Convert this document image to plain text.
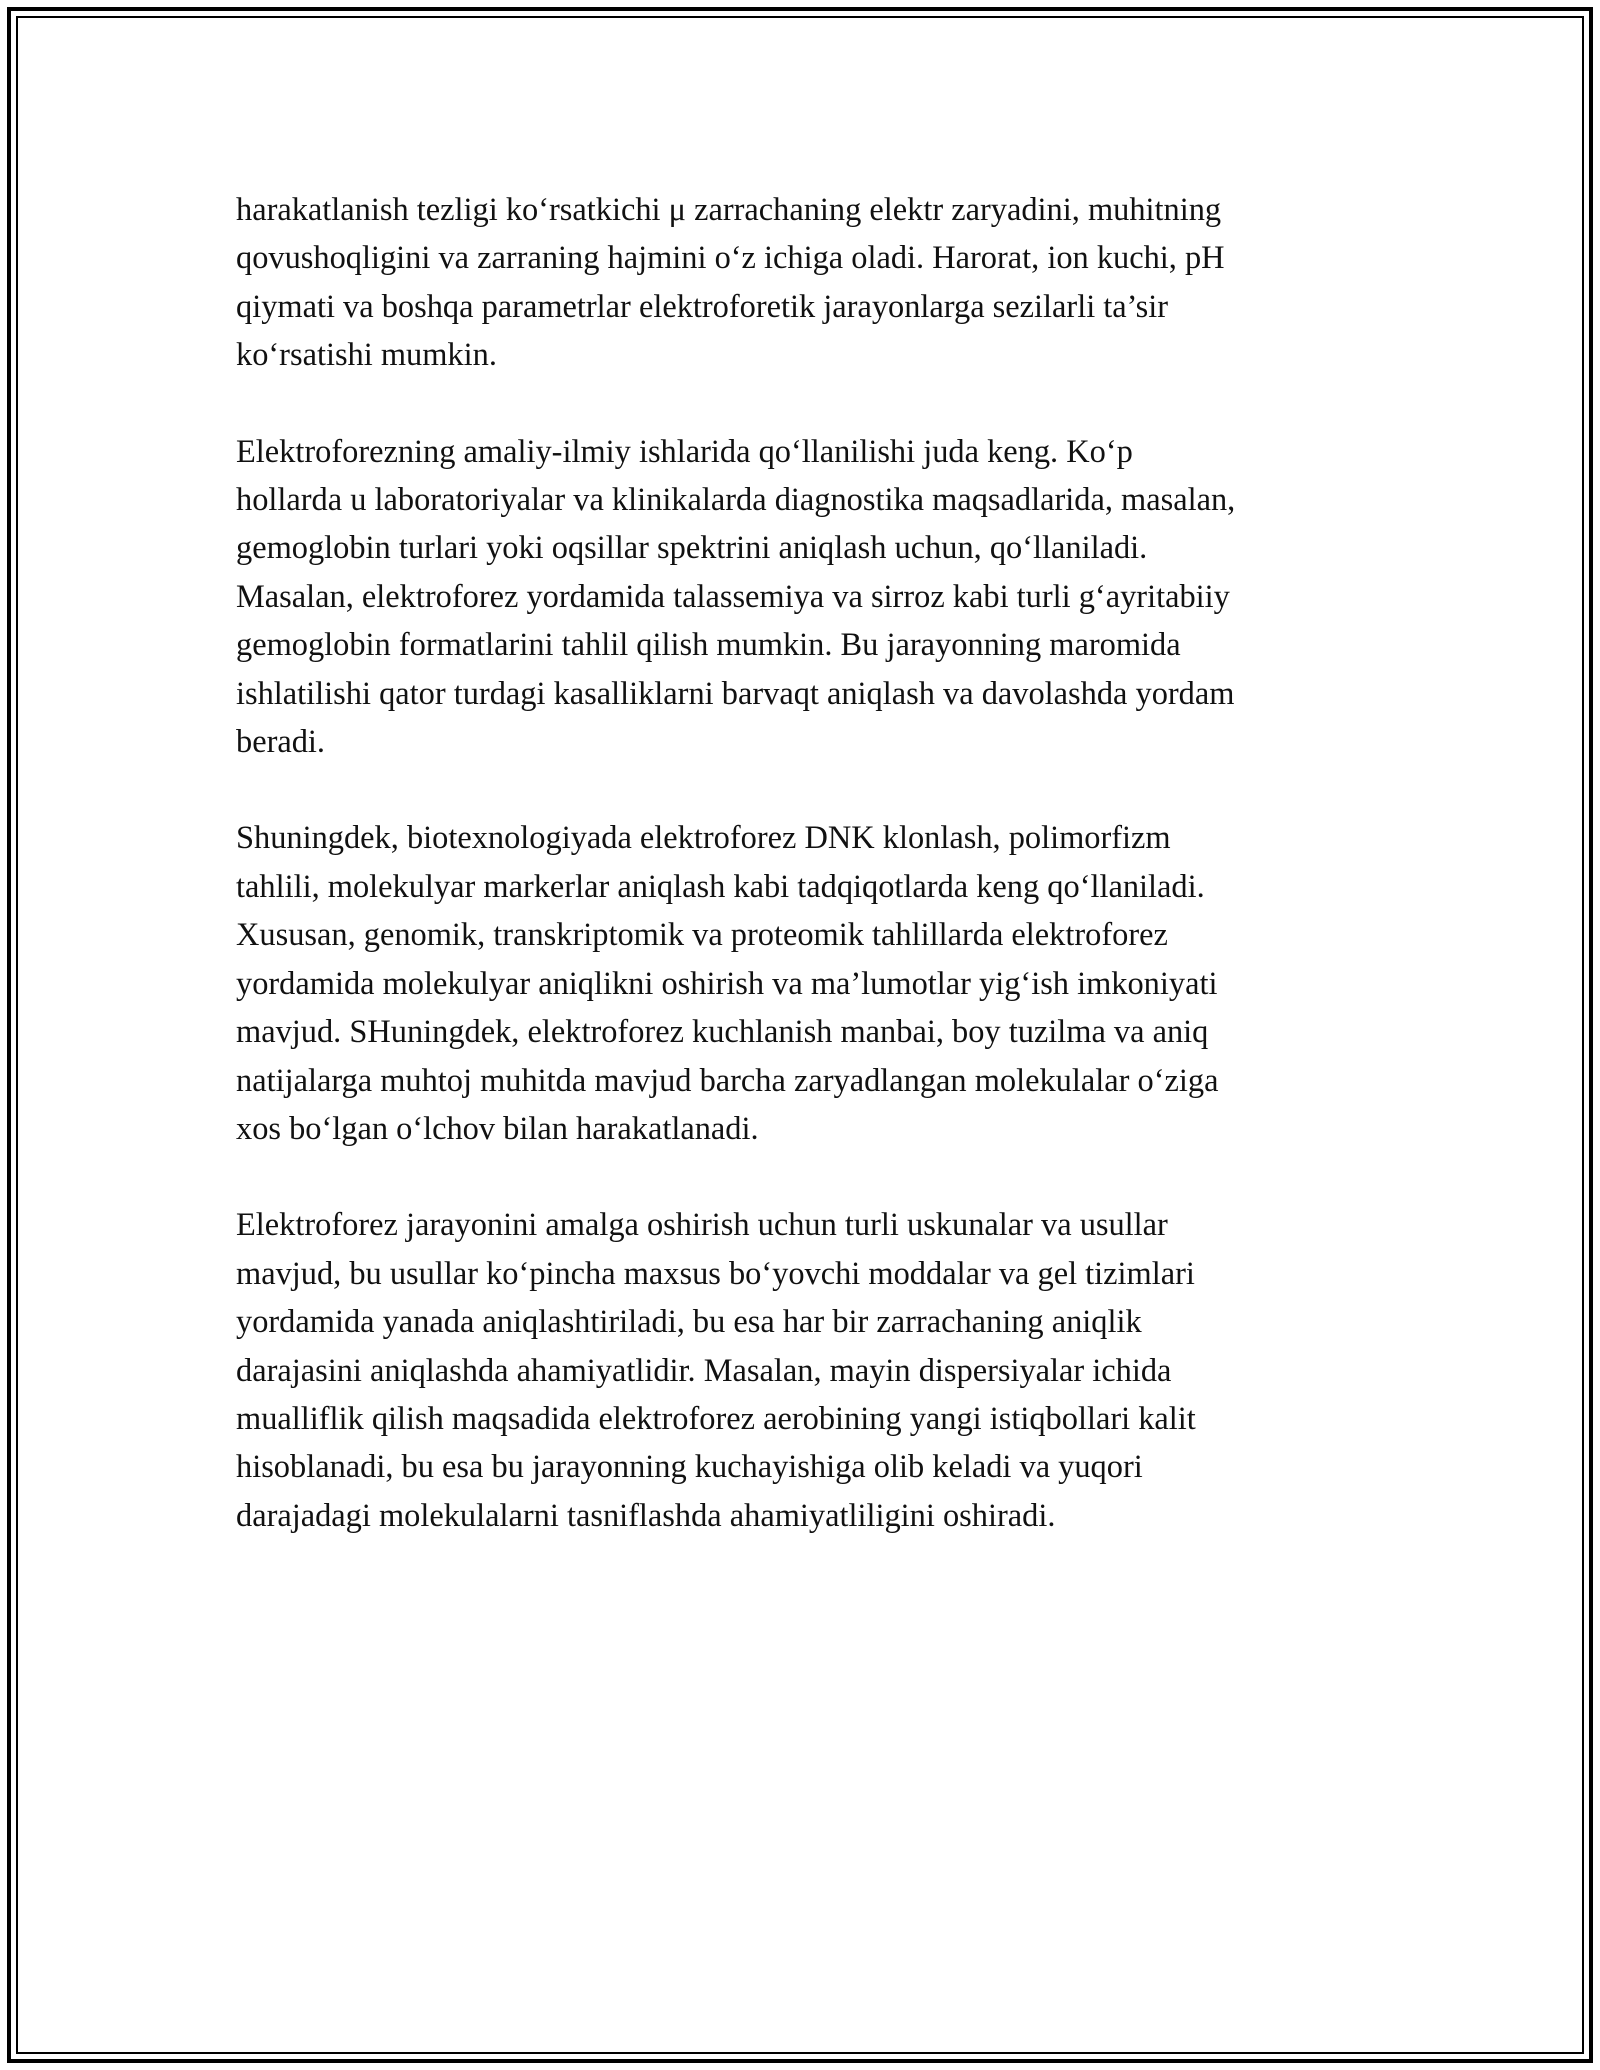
harakatlanish tezligi ko‘rsatkichi μ zarrachaning elektr zaryadini, muhitning
qovushoqligini va zarraning hajmini o‘z ichiga oladi. Harorat, ion kuchi, pH
qiymati va boshqa parametrlar elektroforetik jarayonlarga sezilarli ta’sir
ko‘rsatishi mumkin.

Elektroforezning amaliy-ilmiy ishlarida qo‘llanilishi juda keng. Ko‘p
hollarda u laboratoriyalar va klinikalarda diagnostika maqsadlarida, masalan,
gemoglobin turlari yoki oqsillar spektrini aniqlash uchun, qo‘llaniladi.
Masalan, elektroforez yordamida talassemiya va sirroz kabi turli g‘ayritabiiy
gemoglobin formatlarini tahlil qilish mumkin. Bu jarayonning maromida
ishlatilishi qator turdagi kasalliklarni barvaqt aniqlash va davolashda yordam
beradi.

Shuningdek, biotexnologiyada elektroforez DNK klonlash, polimorfizm
tahlili, molekulyar markerlar aniqlash kabi tadqiqotlarda keng qo‘llaniladi.
Xususan, genomik, transkriptomik va proteomik tahlillarda elektroforez
yordamida molekulyar aniqlikni oshirish va ma’lumotlar yig‘ish imkoniyati
mavjud. SHuningdek, elektroforez kuchlanish manbai, boy tuzilma va aniq
natijalarga muhtoj muhitda mavjud barcha zaryadlangan molekulalar o‘ziga
xos bo‘lgan o‘lchov bilan harakatlanadi.

Elektroforez jarayonini amalga oshirish uchun turli uskunalar va usullar
mavjud, bu usullar ko‘pincha maxsus bo‘yovchi moddalar va gel tizimlari
yordamida yanada aniqlashtiriladi, bu esa har bir zarrachaning aniqlik
darajasini aniqlashda ahamiyatlidir. Masalan, mayin dispersiyalar ichida
mualliflik qilish maqsadida elektroforez aerobining yangi istiqbollari kalit
hisoblanadi, bu esa bu jarayonning kuchayishiga olib keladi va yuqori
darajadagi molekulalarni tasniflashda ahamiyatliligini oshiradi.
